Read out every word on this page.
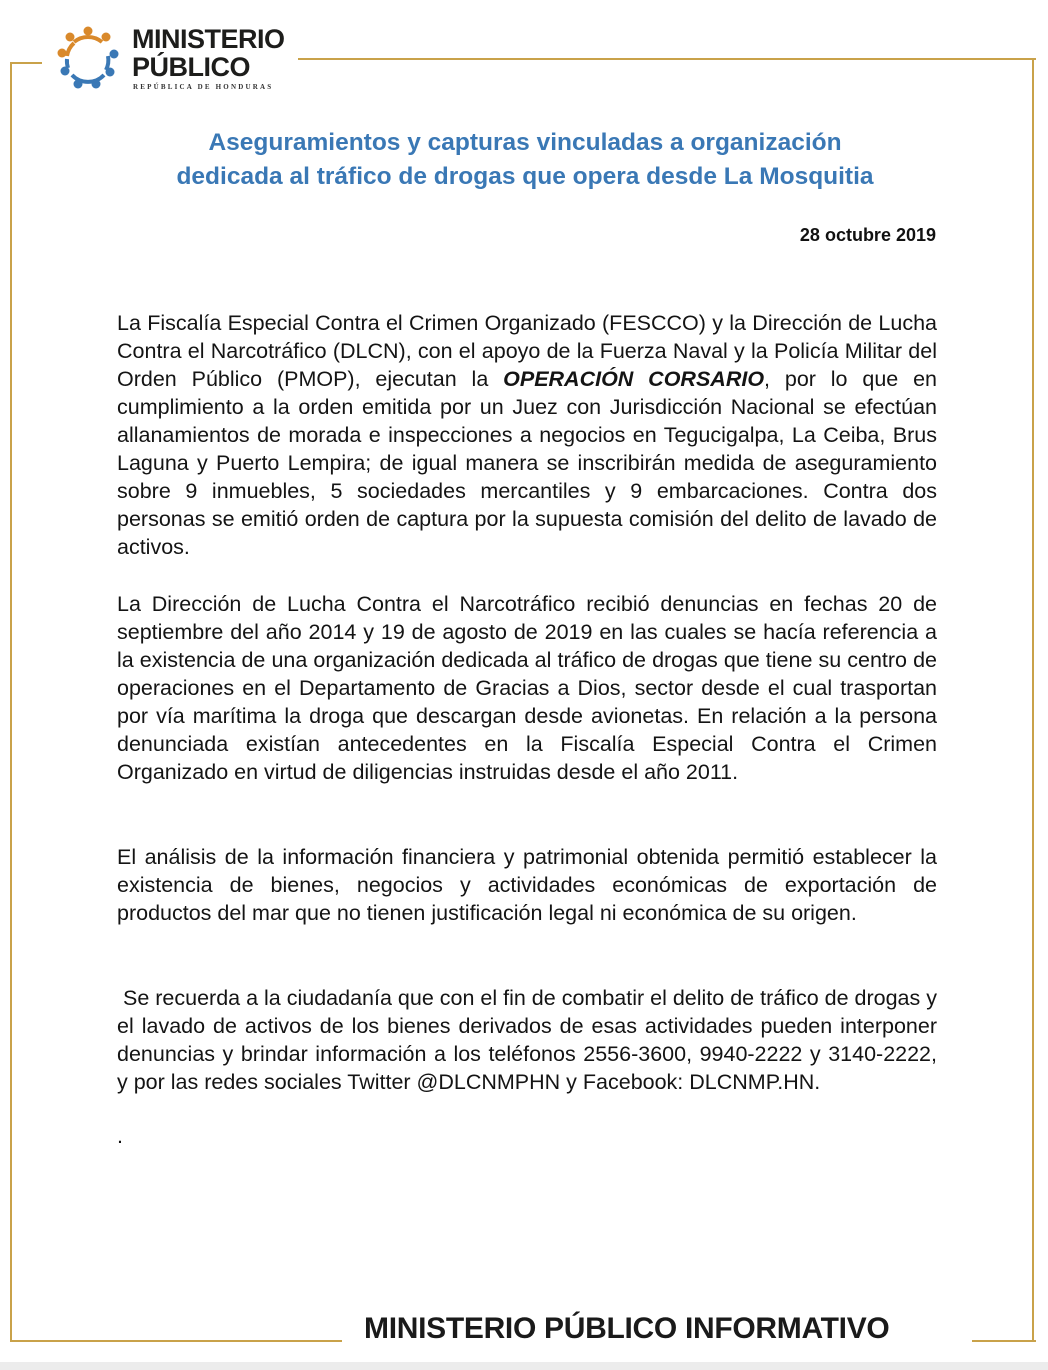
MINISTERIO
PÚBLICO
REPÚBLICA DE HONDURAS
Aseguramientos y capturas vinculadas a organización
dedicada al tráfico de drogas que opera desde La Mosquitia
28 octubre 2019
La Fiscalía Especial Contra el Crimen Organizado (FESCCO) y la Dirección de Lucha Contra el Narcotráfico (DLCN), con el apoyo de la Fuerza Naval y la Policía Militar del Orden Público (PMOP), ejecutan la OPERACIÓN CORSARIO, por lo que en cumplimiento a la orden emitida por un Juez con Jurisdicción Nacional se efectúan allanamientos de morada e inspecciones a negocios en Tegucigalpa, La Ceiba, Brus Laguna y Puerto Lempira; de igual manera se inscribirán medida de aseguramiento sobre 9 inmuebles, 5 sociedades mercantiles y 9 embarcaciones. Contra dos personas se emitió orden de captura por la supuesta comisión del delito de lavado de activos.
La Dirección de Lucha Contra el Narcotráfico recibió denuncias en fechas 20 de septiembre del año 2014 y 19 de agosto de 2019 en las cuales se hacía referencia a la existencia de una organización dedicada al tráfico de drogas que tiene su centro de operaciones en el Departamento de Gracias a Dios, sector desde el cual trasportan por vía marítima la droga que descargan desde avionetas. En relación a la persona denunciada existían antecedentes en la Fiscalía Especial Contra el Crimen Organizado en virtud de diligencias instruidas desde el año 2011.
El análisis de la información financiera y patrimonial obtenida permitió establecer la existencia de bienes, negocios y actividades económicas de exportación de productos del mar que no tienen justificación legal ni económica de su origen.
Se recuerda a la ciudadanía que con el fin de combatir el delito de tráfico de drogas y el lavado de activos de los bienes derivados de esas actividades pueden interponer denuncias y brindar información a los teléfonos 2556-3600, 9940-2222 y 3140-2222, y por las redes sociales Twitter @DLCNMPHN y Facebook: DLCNMP.HN.
.
MINISTERIO PÚBLICO INFORMATIVO
